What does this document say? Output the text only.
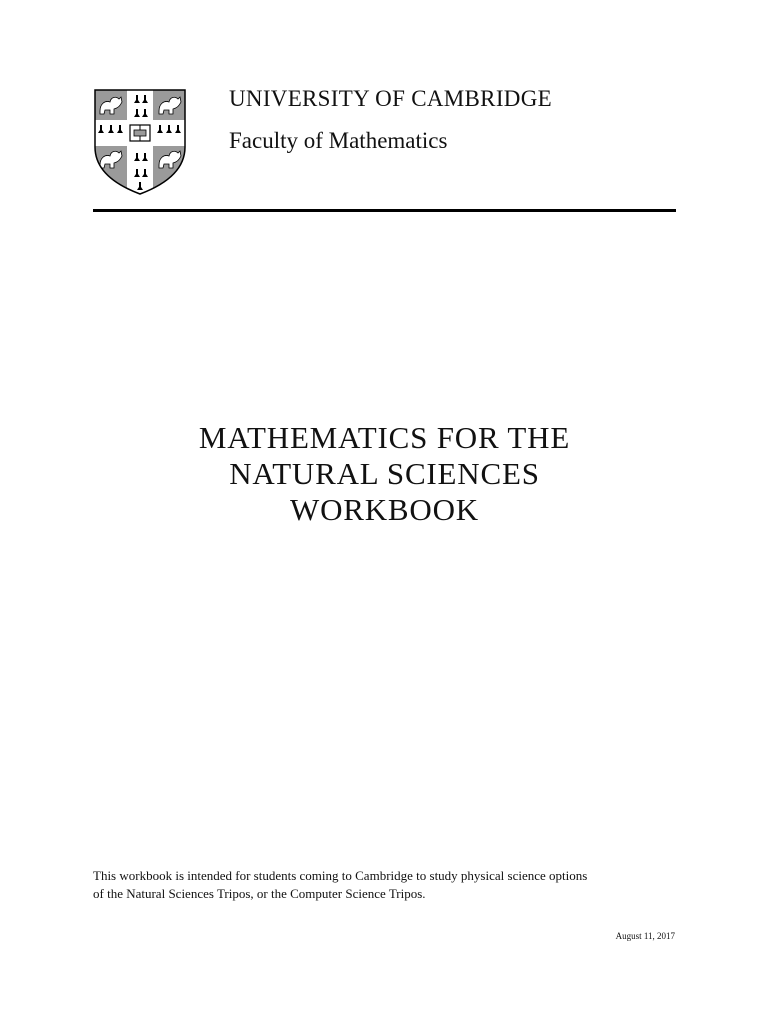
UNIVERSITY OF CAMBRIDGE
Faculty of Mathematics
MATHEMATICS FOR THE
NATURAL SCIENCES
WORKBOOK

This workbook is intended for students coming to Cambridge to study physical science options
of the Natural Sciences Tripos, or the Computer Science Tripos.

August 11, 2017
